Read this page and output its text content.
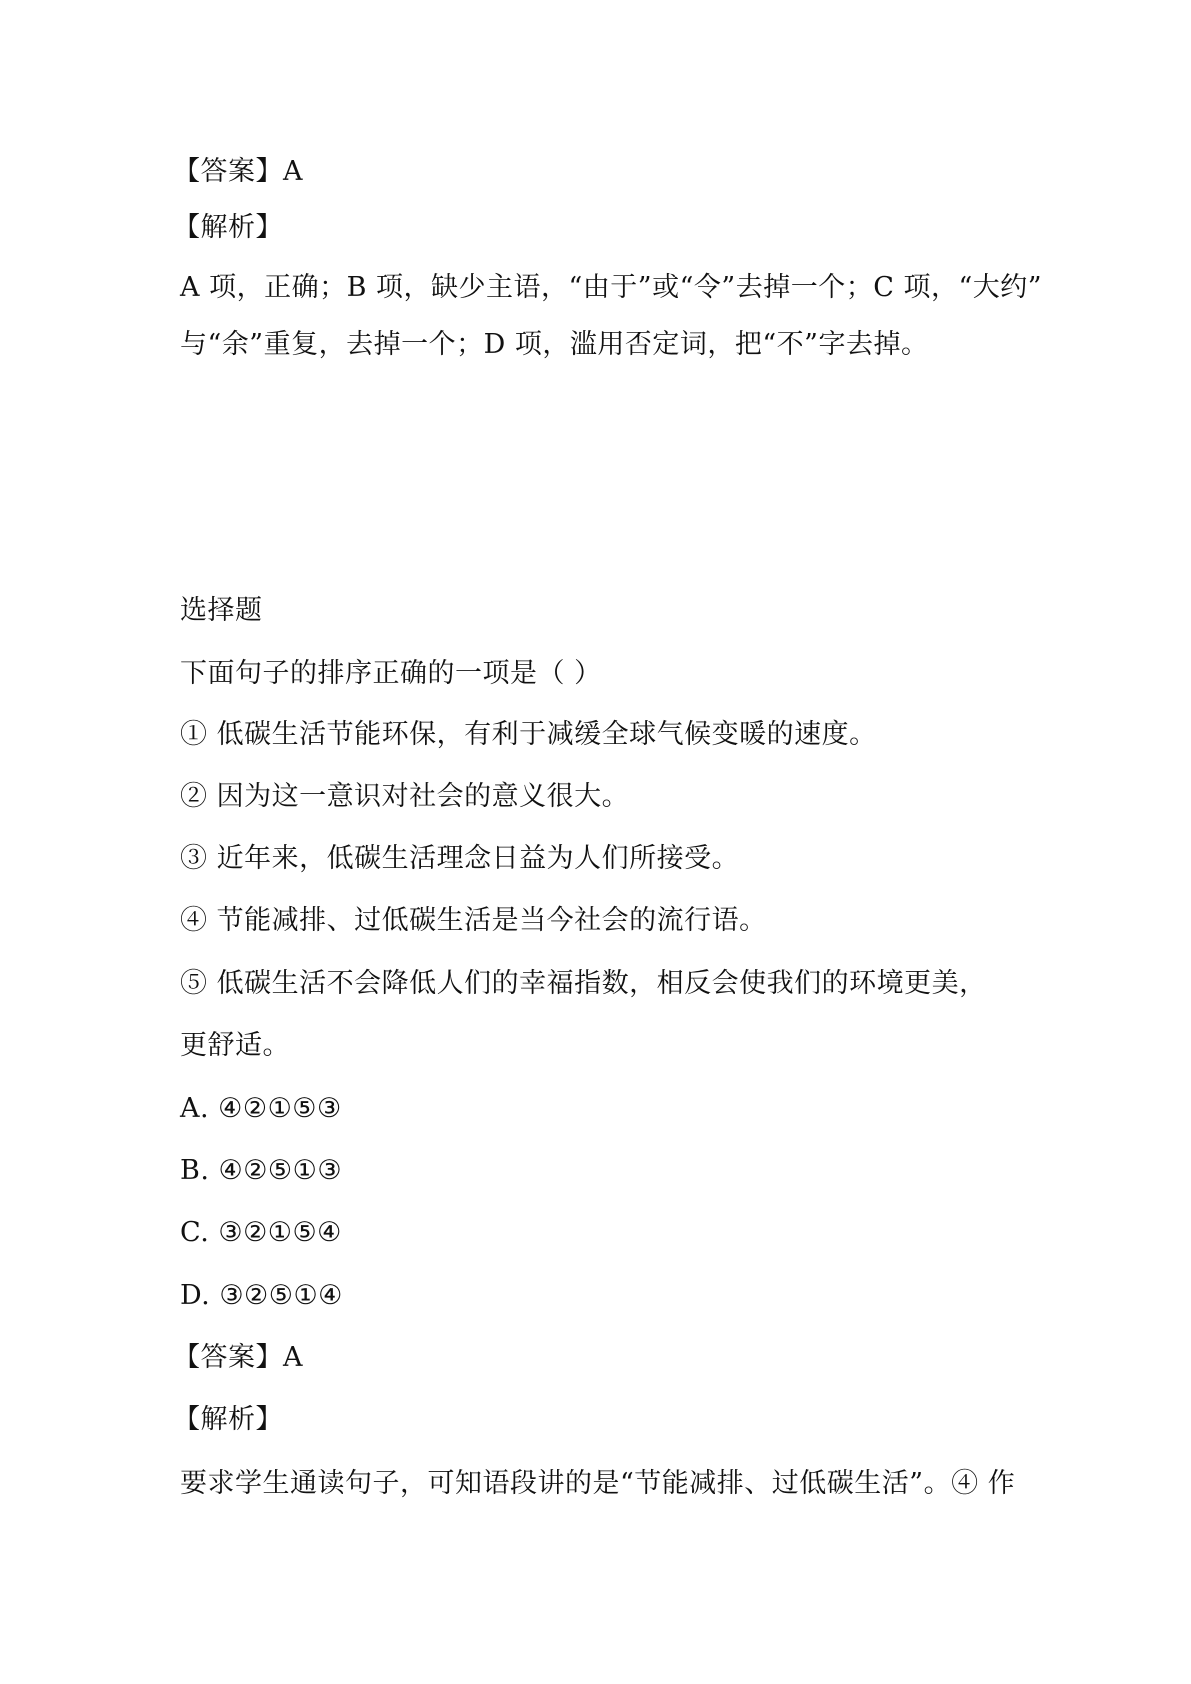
【答案】A
【解析】
A 项，正确；B 项，缺少主语，“由于”或“令”去掉一个；C 项，“大约”
与“余”重复，去掉一个；D 项，滥用否定词，把“不”字去掉。
选择题
下面句子的排序正确的一项是（ ）
① 低碳生活节能环保，有利于减缓全球气候变暖的速度。
② 因为这一意识对社会的意义很大。
③ 近年来，低碳生活理念日益为人们所接受。
④ 节能减排、过低碳生活是当今社会的流行语。
⑤ 低碳生活不会降低人们的幸福指数，相反会使我们的环境更美，
更舒适。
A. ④②①⑤③
B. ④②⑤①③
C. ③②①⑤④
D. ③②⑤①④
【答案】A
【解析】
要求学生通读句子，可知语段讲的是“节能减排、过低碳生活”。④ 作
